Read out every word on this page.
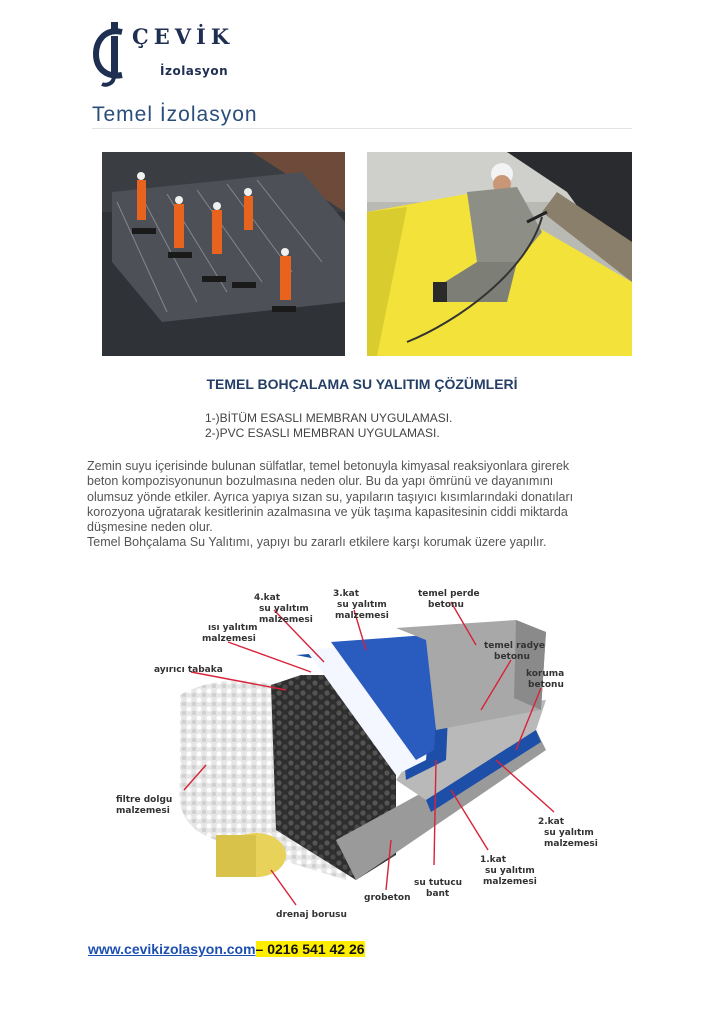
ÇEVİK
İzolasyon
Temel İzolasyon
TEMEL BOHÇALAMA SU YALITIM ÇÖZÜMLERİ
1-)BİTÜM ESASLI MEMBRAN UYGULAMASI.
2-)PVC ESASLI MEMBRAN UYGULAMASI.
Zemin suyu içerisinde bulunan sülfatlar, temel betonuyla kimyasal reaksiyonlara girerek
beton kompozisyonunun bozulmasına neden olur. Bu da yapı ömrünü ve dayanımını
olumsuz yönde etkiler. Ayrıca yapıya sızan su, yapıların taşıyıcı kısımlarındaki donatıları
korozyona uğratarak kesitlerinin azalmasına ve yük taşıma kapasitesinin ciddi miktarda
düşmesine neden olur.
Temel Bohçalama Su Yalıtımı, yapıyı bu zararlı etkilere karşı korumak üzere yapılır.
4.kat
su yalıtım
malzemesi
3.kat
su yalıtım
malzemesi
temel perde
betonu
ısı yalıtım
malzemesi
temel radye
betonu
ayırıcı tabaka	koruma
betonu
filtre dolgu
malzemesi
2.kat
su yalıtım
malzemesi
1.kat
su yalıtım
malzemesi
su tutucu
bant
grobeton
drenaj borusu
www.cevikizolasyon.com– 0216 541 42 26
